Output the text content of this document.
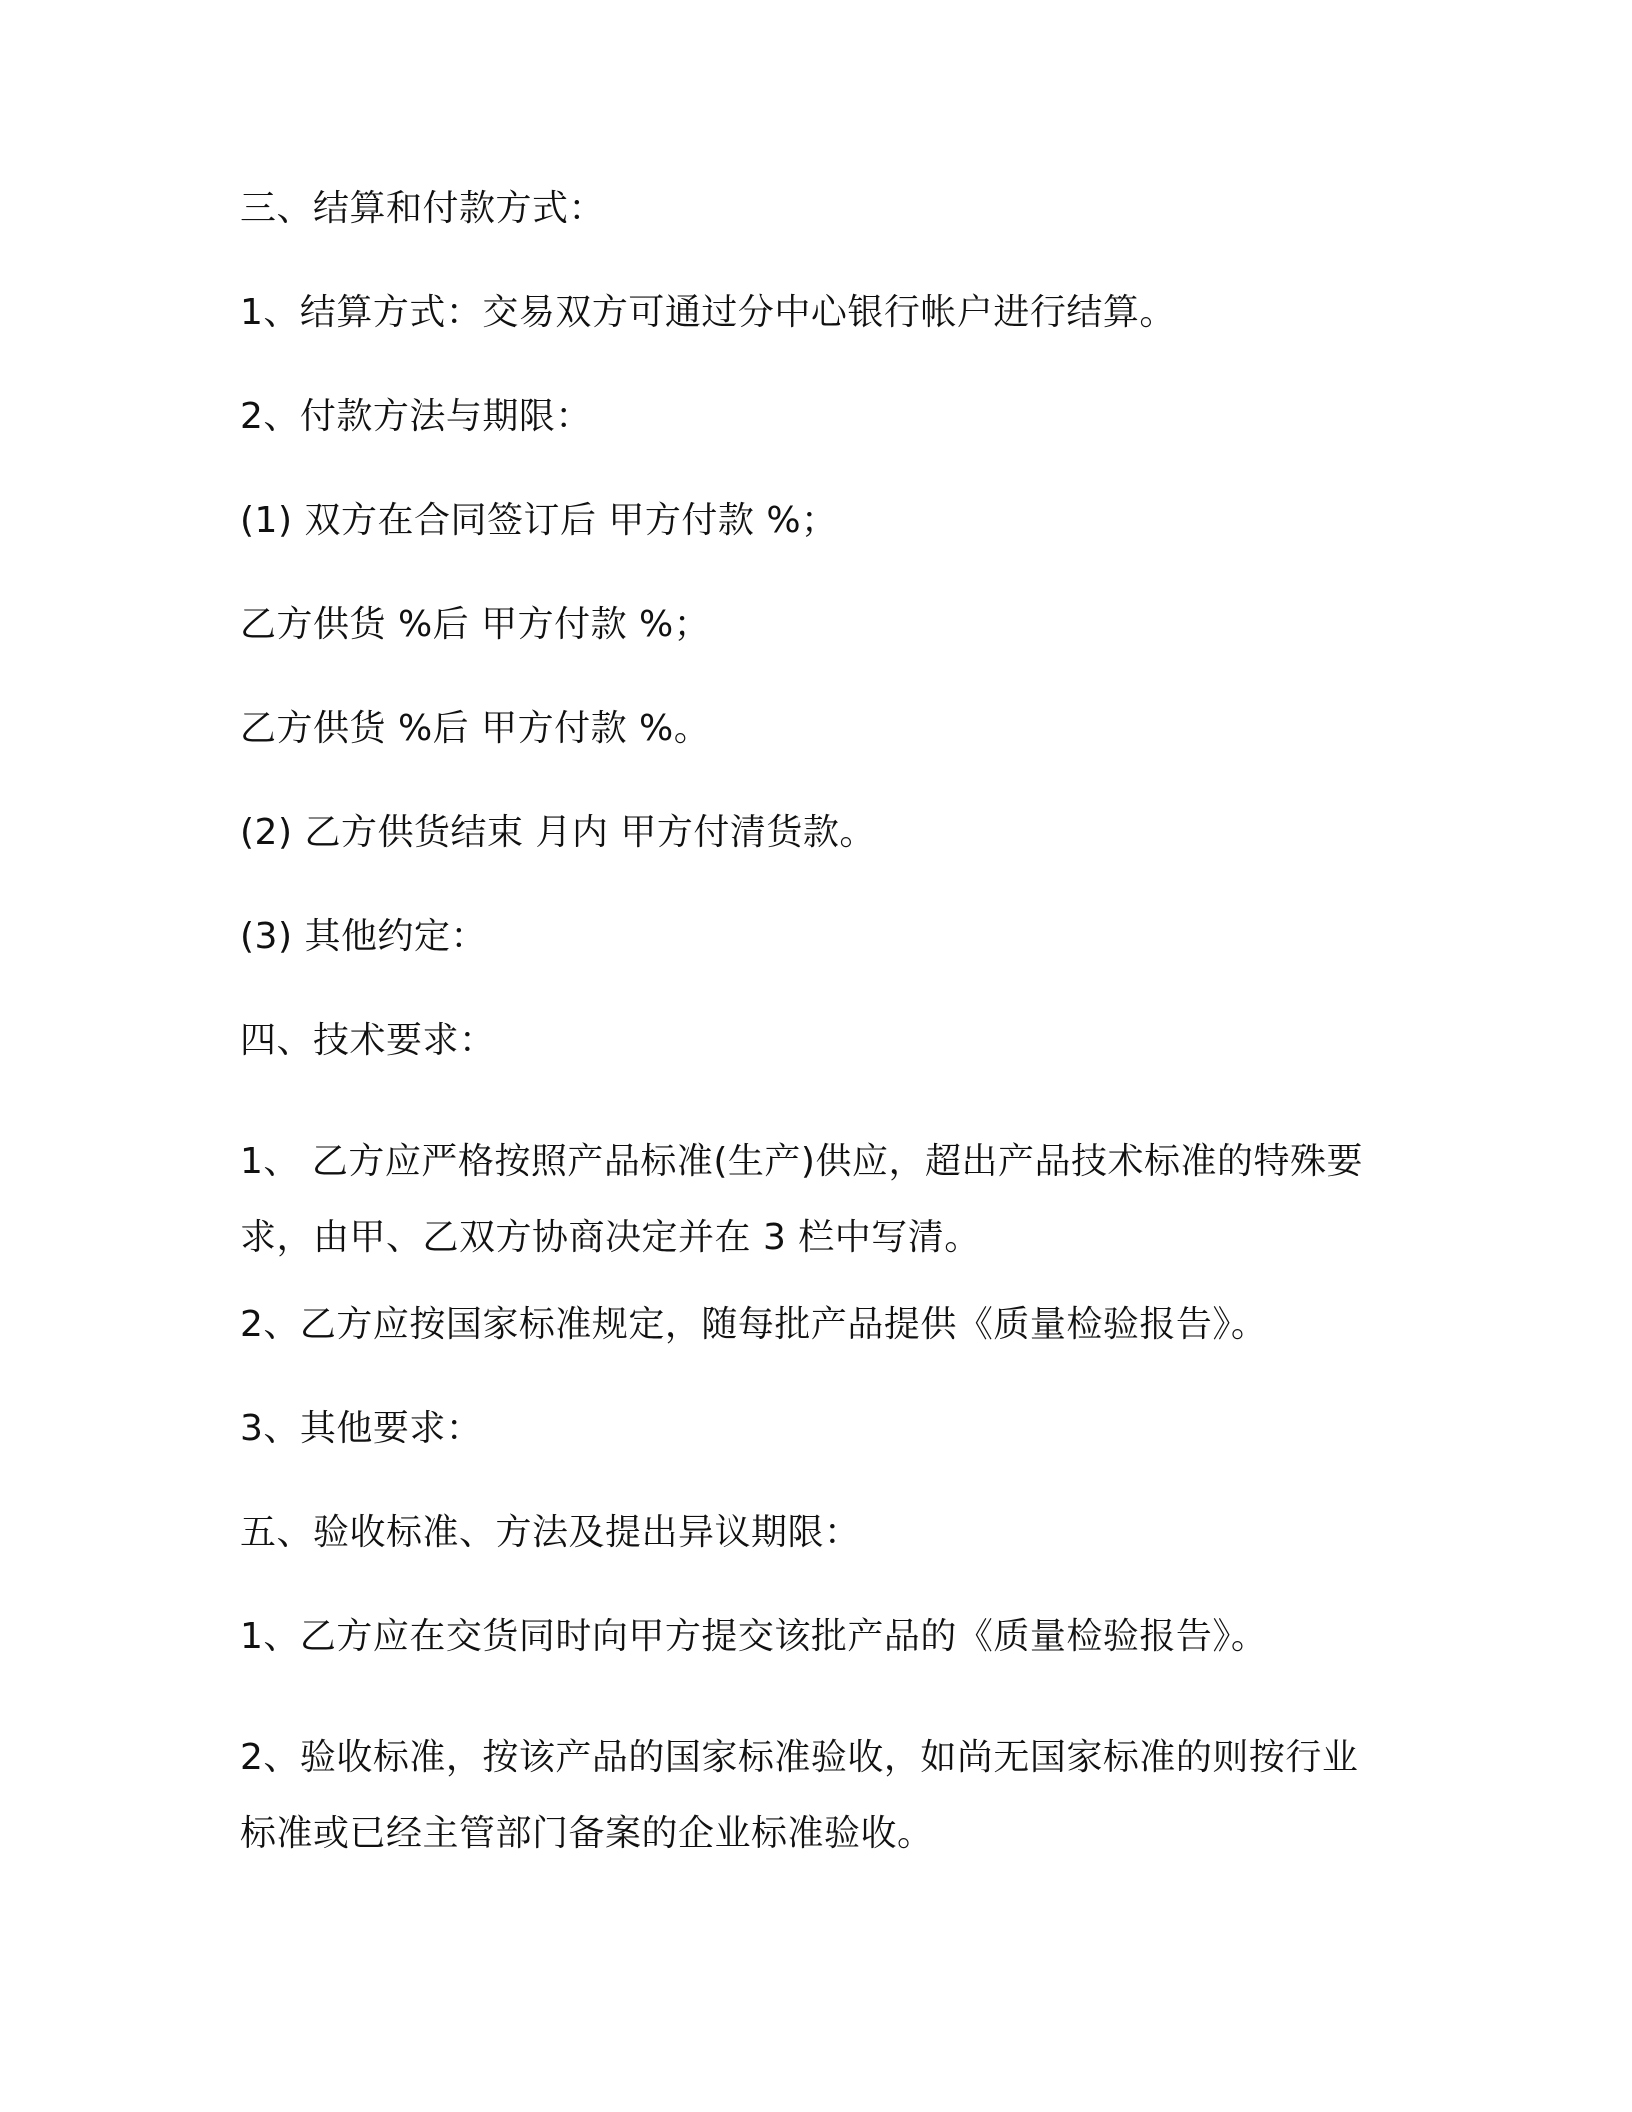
三、结算和付款方式：
1、结算方式：交易双方可通过分中心银行帐户进行结算。
2、付款方法与期限：
(1) 双方在合同签订后 甲方付款 %；
乙方供货 %后 甲方付款 %；
乙方供货 %后 甲方付款 %。
(2) 乙方供货结束 月内 甲方付清货款。
(3) 其他约定：
四、技术要求：
1、 乙方应严格按照产品标准(生产)供应，超出产品技术标准的特殊要
求，由甲、乙双方协商决定并在 3 栏中写清。
2、乙方应按国家标准规定，随每批产品提供《质量检验报告》。
3、其他要求：
五、验收标准、方法及提出异议期限：
1、乙方应在交货同时向甲方提交该批产品的《质量检验报告》。
2、验收标准，按该产品的国家标准验收，如尚无国家标准的则按行业
标准或已经主管部门备案的企业标准验收。
